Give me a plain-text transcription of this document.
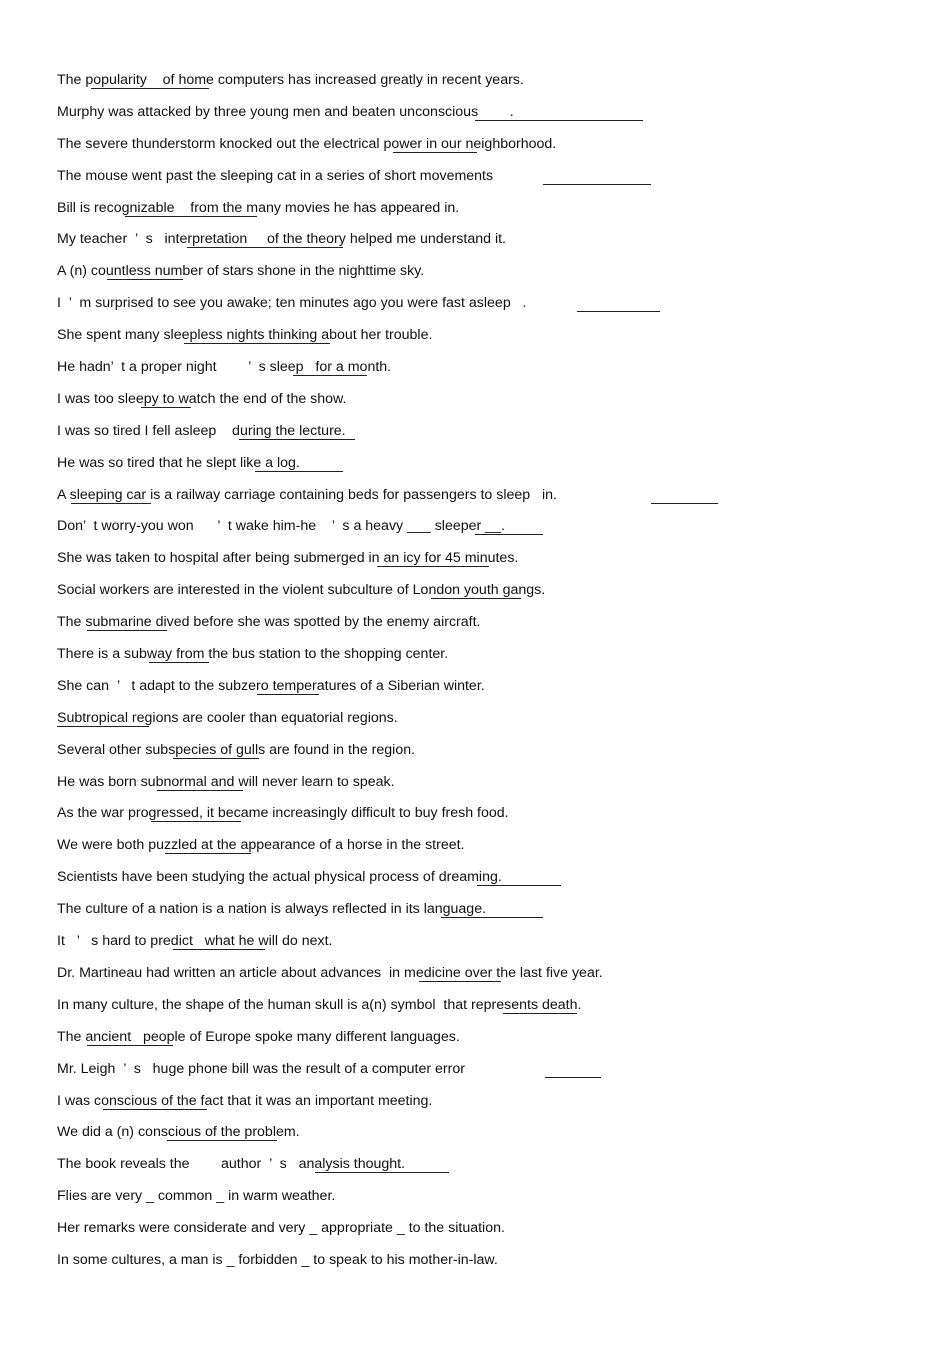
The popularity    of home computers has increased greatly in recent years.
Murphy was attacked by three young men and beaten unconscious        .
The severe thunderstorm knocked out the electrical power in our neighborhood.
The mouse went past the sleeping cat in a series of short movements
Bill is recognizable    from the many movies he has appeared in.
My teacher  ’  s   interpretation     of the theory helped me understand it.
A (n) countless number of stars shone in the nighttime sky.
I  ’  m surprised to see you awake; ten minutes ago you were fast asleep   .
She spent many sleepless nights thinking about her trouble.
He hadn’  t a proper night        ’  s sleep   for a month.
I was too sleepy to watch the end of the show.
I was so tired I fell asleep    during the lecture.
He was so tired that he slept like a log.
A sleeping car is a railway carriage containing beds for passengers to sleep   in.
Don’  t worry-you won      ’  t wake him-he    ’  s a heavy ___ sleeper __.
She was taken to hospital after being submerged in an icy for 45 minutes.
Social workers are interested in the violent subculture of London youth gangs.
The submarine dived before she was spotted by the enemy aircraft.
There is a subway from the bus station to the shopping center.
She can  ’   t adapt to the subzero temperatures of a Siberian winter.
Subtropical regions are cooler than equatorial regions.
Several other subspecies of gulls are found in the region.
He was born subnormal and will never learn to speak.
As the war progressed, it became increasingly difficult to buy fresh food.
We were both puzzled at the appearance of a horse in the street.
Scientists have been studying the actual physical process of dreaming.
The culture of a nation is a nation is always reflected in its language.
It   ’   s hard to predict   what he will do next.
Dr. Martineau had written an article about advances  in medicine over the last five year.
In many culture, the shape of the human skull is a(n) symbol  that represents death.
The ancient   people of Europe spoke many different languages.
Mr. Leigh  ’  s   huge phone bill was the result of a computer error
I was conscious of the fact that it was an important meeting.
We did a (n) conscious of the problem.
The book reveals the        author  ’  s   analysis thought.
Flies are very _ common _ in warm weather.
Her remarks were considerate and very _ appropriate _ to the situation.
In some cultures, a man is _ forbidden _ to speak to his mother-in-law.
